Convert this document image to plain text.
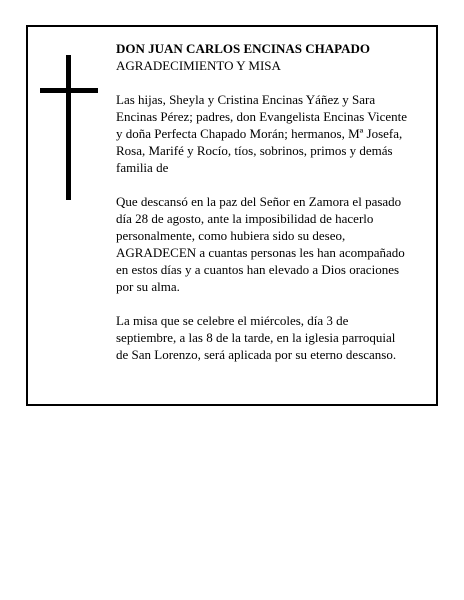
DON JUAN CARLOS ENCINAS CHAPADO

AGRADECIMIENTO Y MISA

Las hijas, Sheyla y Cristina Encinas Yáñez y Sara

Encinas Pérez; padres, don Evangelista Encinas Vicente

y doña Perfecta Chapado Morán; hermanos, Mª Josefa,

Rosa, Marifé y Rocío, tíos, sobrinos, primos y demás

familia de

Que descansó en la paz del Señor en Zamora el pasado

día 28 de agosto, ante la imposibilidad de hacerlo

personalmente, como hubiera sido su deseo,

AGRADECEN a cuantas personas les han acompañado

en estos días y a cuantos han elevado a Dios oraciones

por su alma.

La misa que se celebre el miércoles, día 3 de

septiembre, a las 8 de la tarde, en la iglesia parroquial

de San Lorenzo, será aplicada por su eterno descanso.
